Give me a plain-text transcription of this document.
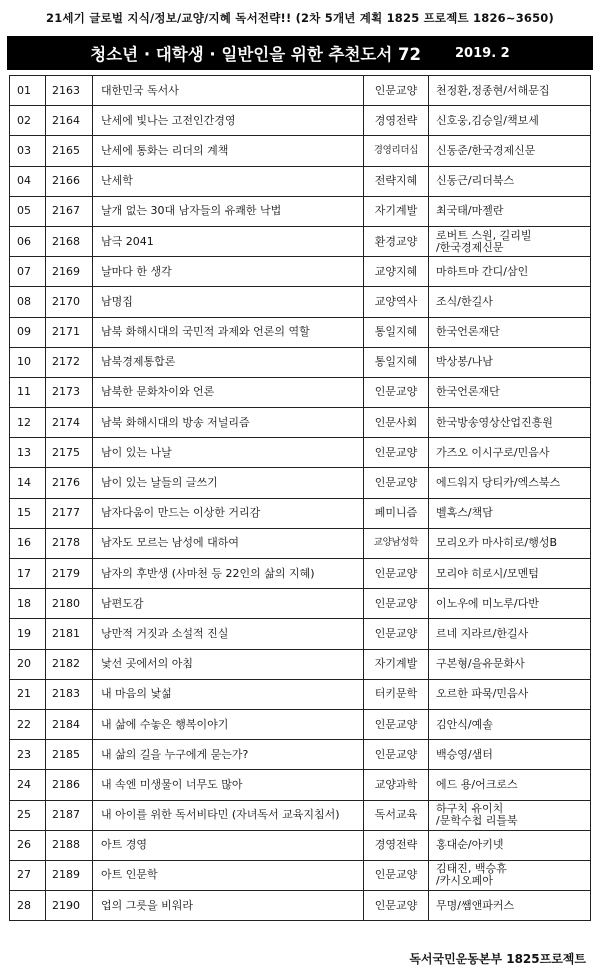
21세기 글로벌 지식/정보/교양/지혜 독서전략!! (2차 5개년 계획 1825 프로젝트 1826~3650)
청소년 · 대학생 · 일반인을 위한 추천도서 72	2019. 2
01	2163	대한민국 독서사	인문교양	천정환,정종현/서해문집

02	2164	난세에 빛나는 고전인간경영	경영전략	신호웅,김승일/책보세

03	2165	난세에 통화는 리더의 계책	경영리더십	신동준/한국경제신문

04	2166	난세학	전략지혜	신동근/리더북스

05	2167	날개 없는 30대 남자들의 유쾌한 낙법	자기계발	최국태/마젤란

06	2168	남극 2041	환경교양	로버트 스원, 길리빌
/한국경제신문

07	2169	날마다 한 생각	교양지혜	마하트마 간디/삼인

08	2170	남명집	교양역사	조식/한길사

09	2171	남북 화해시대의 국민적 과제와 언론의 역할	통일지혜	한국언론재단

10	2172	남북경제통합론	통일지혜	박상봉/나남

11	2173	남북한 문화차이와 언론	인문교양	한국언론재단

12	2174	남북 화해시대의 방송 저널리즘	인문사회	한국방송영상산업진흥원

13	2175	남이 있는 나날	인문교양	가즈오 이시구로/민음사

14	2176	남이 있는 날들의 글쓰기	인문교양	에드워지 당티카/엑스북스

15	2177	남자다움이 만드는 이상한 거리감	페미니즘	벨혹스/책담

16	2178	남자도 모르는 남성에 대하여	교양남성학	모리오카 마사히로/행성B

17	2179	남자의 후반생 (사마천 등 22인의 삶의 지혜)	인문교양	모리야 히로시/모멘텀

18	2180	남편도감	인문교양	이노우에 미노루/다반

19	2181	낭만적 거짓과 소설적 진실	인문교양	르네 지라르/한길사

20	2182	낯선 곳에서의 아침	자기계발	구본형/을유문화사

21	2183	내 마음의 낯섦	터키문학	오르한 파묵/민음사

22	2184	내 삶에 수놓은 행복이야기	인문교양	김안식/예솔

23	2185	내 삶의 길을 누구에게 묻는가?	인문교양	백승영/샘터

24	2186	내 속엔 미생물이 너무도 많아	교양과학	에드 용/어크로스

25	2187	내 아이를 위한 독서비타민 (자녀독서 교육지침서)	독서교육	하구치 유이치
/문학수첩 리틀북

26	2188	아트 경영	경영전략	홍대순/아키넷

27	2189	아트 인문학	인문교양	김태진, 백승휴
/카시오페아

28	2190	업의 그릇을 비워라	인문교양	무명/쌤앤파커스
독서국민운동본부 1825프로젝트
